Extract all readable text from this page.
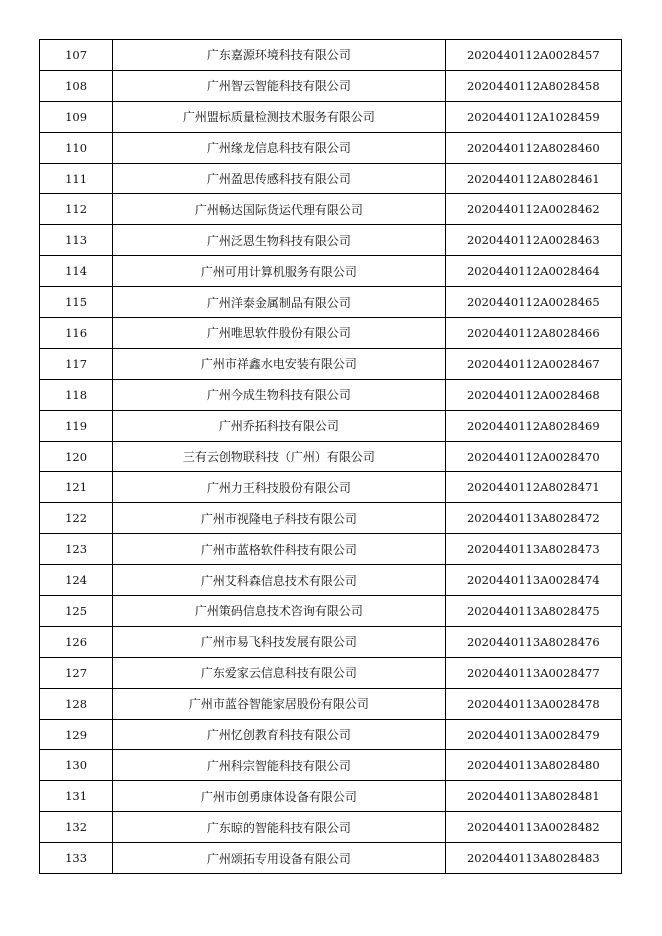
107	广东嘉源环境科技有限公司	2020440112A0028457
108	广州智云智能科技有限公司	2020440112A8028458
109	广州盟标质量检测技术服务有限公司	2020440112A1028459
110	广州缘龙信息科技有限公司	2020440112A8028460
111	广州盈思传感科技有限公司	2020440112A8028461
112	广州畅达国际货运代理有限公司	2020440112A0028462
113	广州泛恩生物科技有限公司	2020440112A0028463
114	广州可用计算机服务有限公司	2020440112A0028464
115	广州洋泰金属制品有限公司	2020440112A0028465
116	广州唯思软件股份有限公司	2020440112A8028466
117	广州市祥鑫水电安装有限公司	2020440112A0028467
118	广州今成生物科技有限公司	2020440112A0028468
119	广州乔拓科技有限公司	2020440112A8028469
120	三有云创物联科技（广州）有限公司	2020440112A0028470
121	广州力王科技股份有限公司	2020440112A8028471
122	广州市视隆电子科技有限公司	2020440113A8028472
123	广州市蓝格软件科技有限公司	2020440113A8028473
124	广州艾科森信息技术有限公司	2020440113A0028474
125	广州策码信息技术咨询有限公司	2020440113A8028475
126	广州市易飞科技发展有限公司	2020440113A8028476
127	广东爱家云信息科技有限公司	2020440113A0028477
128	广州市蓝谷智能家居股份有限公司	2020440113A0028478
129	广州忆创教育科技有限公司	2020440113A0028479
130	广州科宗智能科技有限公司	2020440113A8028480
131	广州市创勇康体设备有限公司	2020440113A8028481
132	广东晾的智能科技有限公司	2020440113A0028482
133	广州颂拓专用设备有限公司	2020440113A8028483
